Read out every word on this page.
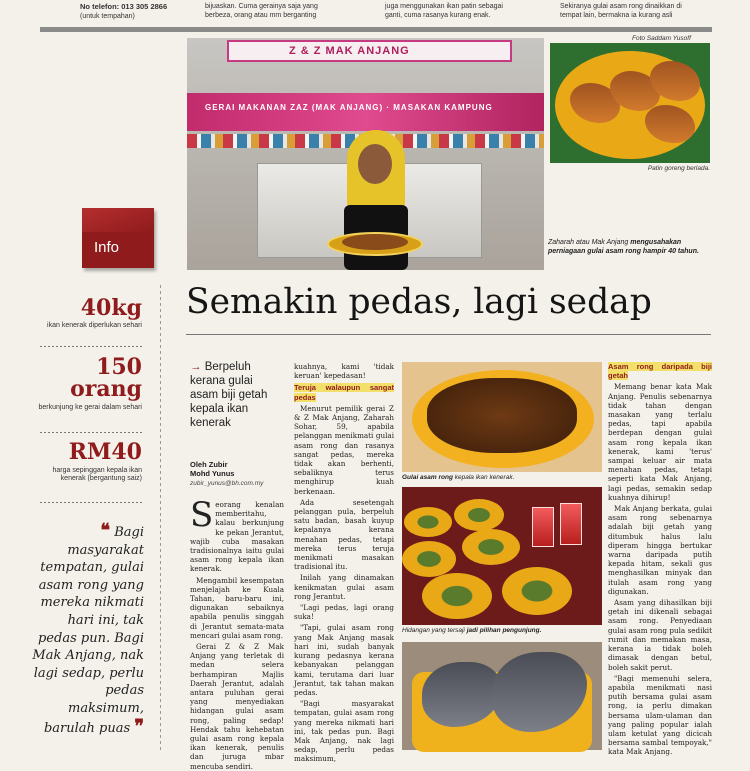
No telefon: 013 305 2866
(untuk tempahan)
bijuaskan. Cuma gerainya saja yang
berbeza, orang atau mm berganting
juga menggunakan ikan patin sebagai
ganti, cuma rasanya kurang enak.
Sekiranya gulai asam rong dinaikkan di
tempat lain, bermakna ia kurang asli
Z & Z MAK ANJANG
GERAI MAKANAN ZAZ (MAK ANJANG) · MASAKAN KAMPUNG
Foto Saddam Yusoff
Patin goreng berlada.
Zaharah atau Mak Anjang mengusahakan perniagaan gulai asam rong hampir 40 tahun.
Info
Semakin pedas, lagi sedap
40kg
ikan kenerak diperlukan sehari
150 orang
berkunjung ke gerai dalam sehari
RM40
harga sepinggan kepala ikan kenerak (bergantung saiz)
❝ Bagi masyarakat tempatan, gulai asam rong yang mereka nikmati hari ini, tak pedas pun. Bagi Mak Anjang, nak lagi sedap, perlu pedas maksimum, barulah puas ❞
→ Berpeluh kerana gulai asam biji getah kepala ikan kenerak
Oleh Zubir
Mohd Yunus
zubir_yunus@bh.com.my
S eorang kenalan memberitahu, kalau berkunjung ke pekan Jerantut, wajib cuba masakan tradisionalnya iaitu gulai asam rong kepala ikan kenerak.

Mengambil kesempatan menjelajah ke Kuala Tahan, baru-baru ini, digunakan sebaiknya apabila penulis singgah di Jerantut semata-mata mencari gulai asam rong.

Gerai Z & Z Mak Anjang yang terletak di medan selera berhampiran Majlis Daerah Jerantut, adalah antara puluhan gerai yang menyediakan hidangan gulai asam rong, paling sedap! Hendak tahu kehebatan gulai asam rong kepala ikan kenerak, penulis dan juruga mbar mencuba sendiri.

kuahnya, kami 'tidak keruan' kepedasan!

Teruja walaupun sangat pedas

Menurut pemilik gerai Z & Z Mak Anjang, Zaharah Sohar, 59, apabila pelanggan menikmati gulai asam rong dan rasanya sangat pedas, mereka tidak akan berhenti, sebaliknya terus menghirup kuah berkenaan.

Ada sesetengah pelanggan pula, berpeluh satu badan, basah kuyup kepalanya kerana menahan pedas, tetapi mereka terus teruja menikmati masakan tradisional itu.

Inilah yang dinamakan kenikmatan gulai asam rong Jerantut.

"Lagi pedas, lagi orang suka!

"Tapi, gulai asam rong yang Mak Anjang masak hari ini, sudah banyak kurang pedasnya kerana kebanyakan pelanggan kami, terutama dari luar Jerantut, tak tahan makan pedas.

"Bagi masyarakat tempatan, gulai asam rong yang mereka nikmati hari ini, tak pedas pun. Bagi Mak Anjang, nak lagi sedap, perlu pedas maksimum,

Gulai asam rong kepala ikan kenerak.
Hidangan yang tersaji jadi pilihan pengunjung.
Asam rong daripada biji getah

Memang benar kata Mak Anjang. Penulis sebenarnya tidak tahan dengan masakan yang terlalu pedas, tapi apabila berdepan dengan gulai asam rong kepala ikan kenerak, kami 'terus' sampai keluar air mata menahan pedas, tetapi seperti kata Mak Anjang, lagi pedas, semakin sedap kuahnya dihirup!

Mak Anjang berkata, gulai asam rong sebenarnya adalah biji getah yang ditumbuk halus lalu diperam hingga bertukar warna daripada putih kepada hitam, sekali gus menghasilkan minyak dan itulah asam rong yang digunakan.

Asam yang dihasilkan biji getah ini dikenali sebagai asam rong. Penyediaan gulai asam rong pula sedikit rumit dan memakan masa, kerana ia tidak boleh dimasak dengan betul, boleh sakit perut.

"Bagi memenuhi selera, apabila menikmati nasi putih bersama gulai asam rong, ia perlu dimakan bersama ulam-ulaman dan yang paling popular ialah ulam ketulat yang dicicah bersama sambal tempoyak," kata Mak Anjang.
